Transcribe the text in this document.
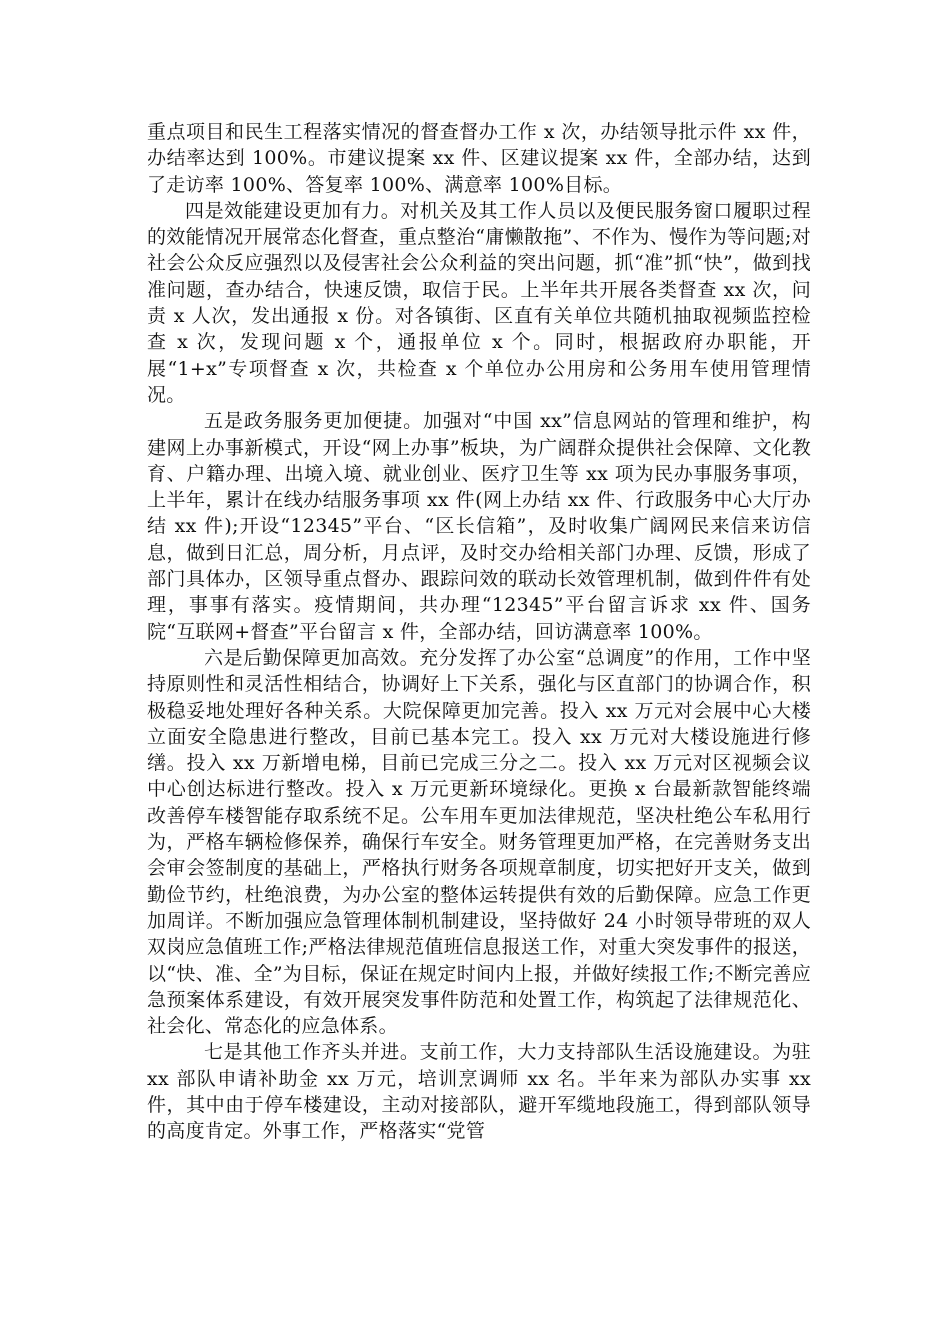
重点项目和民生工程落实情况的督查督办工作 x 次，办结领导批示件 xx 件，办结率达到 100%。市建议提案 xx 件、区建议提案 xx 件，全部办结，达到了走访率 100%、答复率 100%、满意率 100%目标。

四是效能建设更加有力。对机关及其工作人员以及便民服务窗口履职过程的效能情况开展常态化督查，重点整治“庸懒散拖”、不作为、慢作为等问题;对社会公众反应强烈以及侵害社会公众利益的突出问题，抓“准”抓“快”，做到找准问题，查办结合，快速反馈，取信于民。上半年共开展各类督查 xx 次，问责 x 人次，发出通报 x 份。对各镇街、区直有关单位共随机抽取视频监控检查 x 次，发现问题 x 个，通报单位 x 个。同时，根据政府办职能，开展“1+x”专项督查 x 次，共检查 x 个单位办公用房和公务用车使用管理情况。

五是政务服务更加便捷。加强对“中国 xx”信息网站的管理和维护，构建网上办事新模式，开设“网上办事”板块，为广阔群众提供社会保障、文化教育、户籍办理、出境入境、就业创业、医疗卫生等 xx 项为民办事服务事项，上半年，累计在线办结服务事项 xx 件(网上办结 xx 件、行政服务中心大厅办结 xx 件);开设“12345”平台、“区长信箱”，及时收集广阔网民来信来访信息，做到日汇总，周分析，月点评，及时交办给相关部门办理、反馈，形成了部门具体办，区领导重点督办、跟踪问效的联动长效管理机制，做到件件有处理，事事有落实。疫情期间，共办理“12345”平台留言诉求 xx 件、国务院“互联网+督查”平台留言 x 件，全部办结，回访满意率 100%。

六是后勤保障更加高效。充分发挥了办公室“总调度”的作用，工作中坚持原则性和灵活性相结合，协调好上下关系，强化与区直部门的协调合作，积极稳妥地处理好各种关系。大院保障更加完善。投入 xx 万元对会展中心大楼立面安全隐患进行整改，目前已基本完工。投入 xx 万元对大楼设施进行修缮。投入 xx 万新增电梯，目前已完成三分之二。投入 xx 万元对区视频会议中心创达标进行整改。投入 x 万元更新环境绿化。更换 x 台最新款智能终端改善停车楼智能存取系统不足。公车用车更加法律规范，坚决杜绝公车私用行为，严格车辆检修保养，确保行车安全。财务管理更加严格，在完善财务支出会审会签制度的基础上，严格执行财务各项规章制度，切实把好开支关，做到勤俭节约，杜绝浪费，为办公室的整体运转提供有效的后勤保障。应急工作更加周详。不断加强应急管理体制机制建设，坚持做好 24 小时领导带班的双人双岗应急值班工作;严格法律规范值班信息报送工作，对重大突发事件的报送，以“快、准、全”为目标，保证在规定时间内上报，并做好续报工作;不断完善应急预案体系建设，有效开展突发事件防范和处置工作，构筑起了法律规范化、社会化、常态化的应急体系。

七是其他工作齐头并进。支前工作，大力支持部队生活设施建设。为驻 xx 部队申请补助金 xx 万元，培训烹调师 xx 名。半年来为部队办实事 xx 件，其中由于停车楼建设，主动对接部队，避开军缆地段施工，得到部队领导的高度肯定。外事工作，严格落实“党管
